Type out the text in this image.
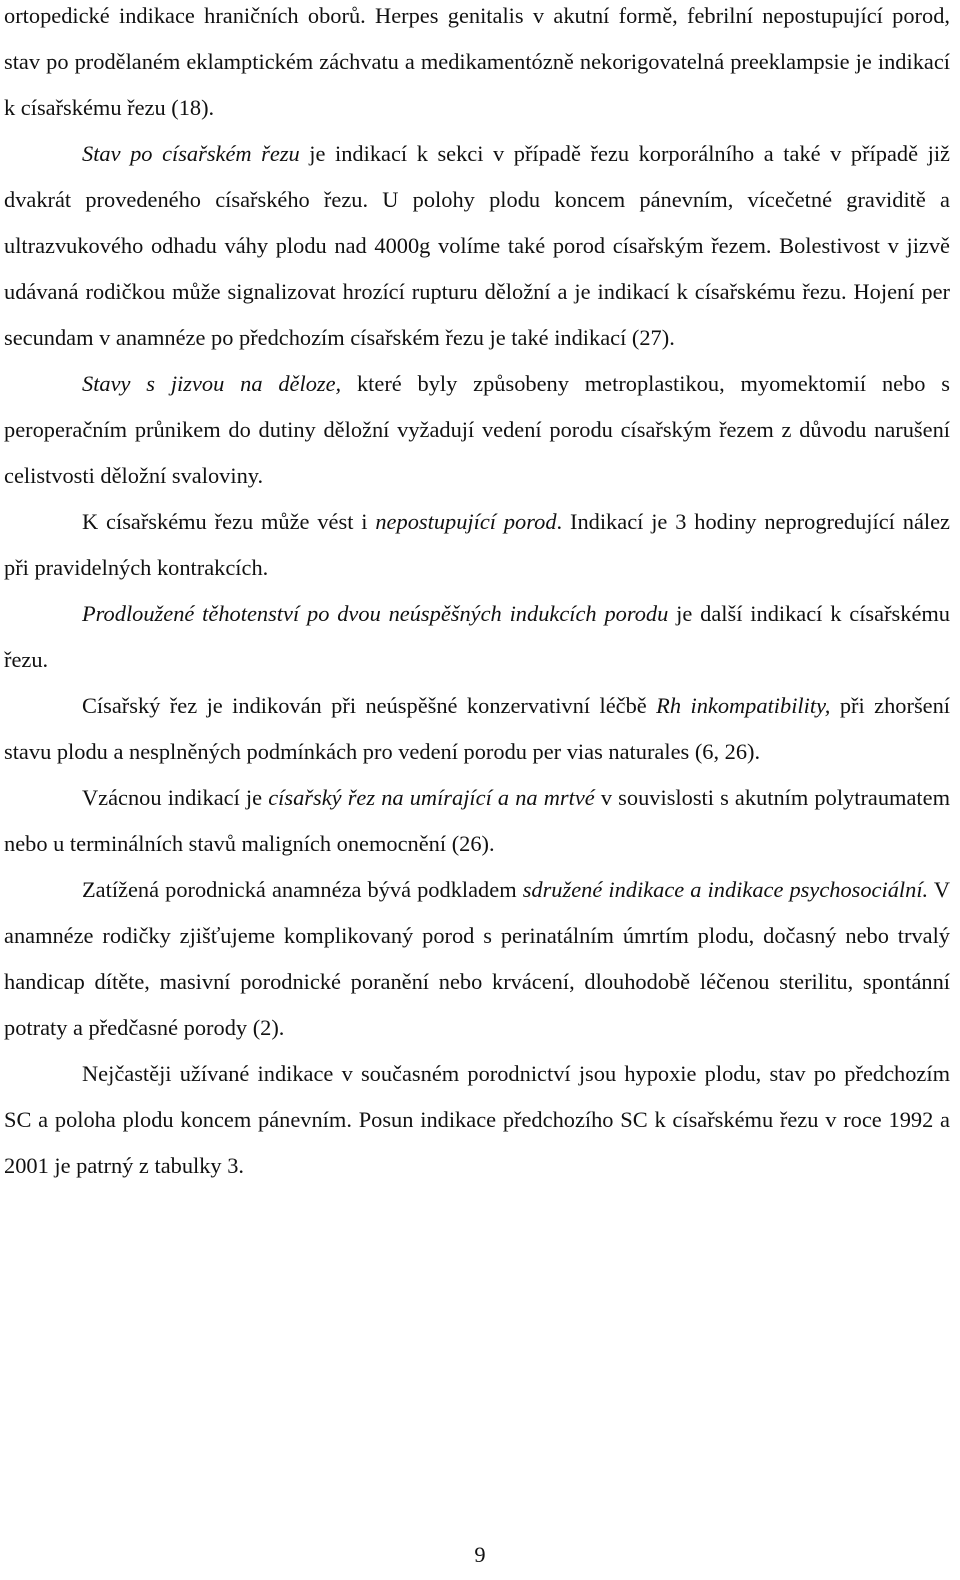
ortopedické indikace hraničních oborů. Herpes genitalis v akutní formě, febrilní nepostupující porod, stav po prodělaném eklamptickém záchvatu a medikamentózně nekorigovatelná preeklampsie je indikací k císařskému řezu (18).

Stav po císařském řezu je indikací k sekci v případě řezu korporálního a také v případě již dvakrát provedeného císařského řezu. U polohy plodu koncem pánevním, vícečetné graviditě a ultrazvukového odhadu váhy plodu nad 4000g volíme také porod císařským řezem. Bolestivost v jizvě udávaná rodičkou může signalizovat hrozící rupturu děložní a je indikací k císařskému řezu. Hojení per secundam v anamnéze po předchozím císařském řezu je také indikací (27).

Stavy s jizvou na děloze, které byly způsobeny metroplastikou, myomektomií nebo s peroperačním průnikem do dutiny děložní vyžadují vedení porodu císařským řezem z důvodu narušení celistvosti děložní svaloviny.

K císařskému řezu může vést i nepostupující porod. Indikací je 3 hodiny neprogredující nález při pravidelných kontrakcích.

Prodloužené těhotenství po dvou neúspěšných indukcích porodu je další indikací k císařskému řezu.

Císařský řez je indikován při neúspěšné konzervativní léčbě Rh inkompatibility, při zhoršení stavu plodu a nesplněných podmínkách pro vedení porodu per vias naturales (6, 26).

Vzácnou indikací je císařský řez na umírající a na mrtvé v souvislosti s akutním polytraumatem nebo u terminálních stavů maligních onemocnění (26).

Zatížená porodnická anamnéza bývá podkladem sdružené indikace a indikace psychosociální. V anamnéze rodičky zjišťujeme komplikovaný porod s perinatálním úmrtím plodu, dočasný nebo trvalý handicap dítěte, masivní porodnické poranění nebo krvácení, dlouhodobě léčenou sterilitu, spontánní potraty a předčasné porody (2).

Nejčastěji užívané indikace v současném porodnictví jsou hypoxie plodu, stav po předchozím SC a poloha plodu koncem pánevním. Posun indikace předchozího SC k císařskému řezu v roce 1992 a 2001 je patrný z tabulky 3.

9
